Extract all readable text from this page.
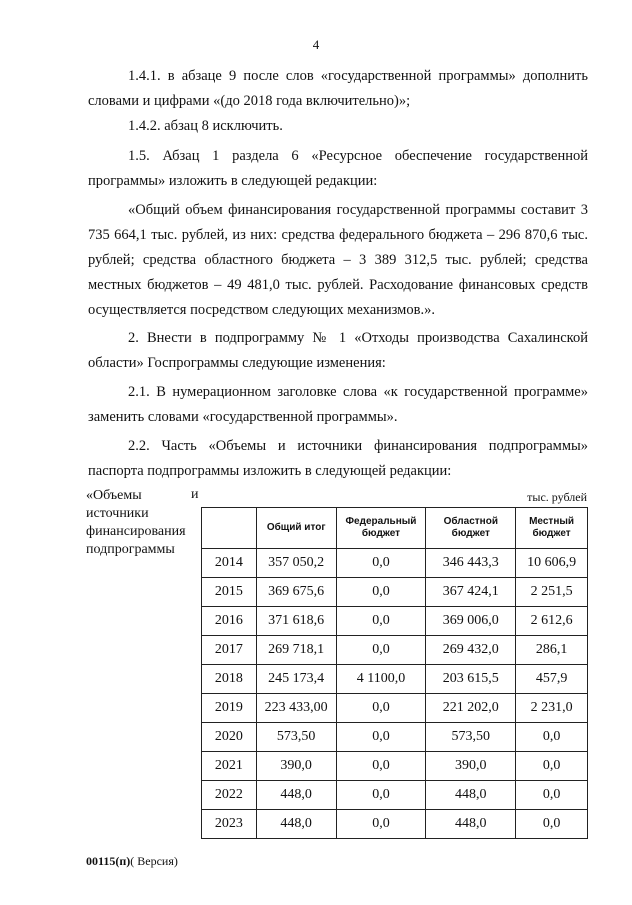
4

1.4.1. в абзаце 9 после слов «государственной программы» дополнить словами и цифрами «(до 2018 года включительно)»;

1.4.2. абзац 8 исключить.

1.5. Абзац 1 раздела 6 «Ресурсное обеспечение государственной программы» изложить в следующей редакции:

«Общий объем финансирования государственной программы составит 3 735 664,1 тыс. рублей, из них: средства федерального бюджета – 296 870,6 тыс. рублей; средства областного бюджета – 3 389 312,5 тыс. рублей; средства местных бюджетов – 49 481,0 тыс. рублей. Расходование финансовых средств осуществляется посредством следующих механизмов.».

2. Внести в подпрограмму № 1 «Отходы производства Сахалинской области» Госпрограммы следующие изменения:

2.1. В нумерационном заголовке слова «к государственной программе» заменить словами «государственной программы».

2.2. Часть «Объемы и источники финансирования подпрограммы» паспорта подпрограммы изложить в следующей редакции:

«Объемы источники финансирования подпрограммы
и	тыс. рублей
	Общий итог	Федеральный бюджет	Областной бюджет	Местный бюджет
2014	357 050,2	0,0	346 443,3	10 606,9
2015	369 675,6	0,0	367 424,1	2 251,5
2016	371 618,6	0,0	369 006,0	2 612,6
2017	269 718,1	0,0	269 432,0	286,1
2018	245 173,4	4 1100,0	203 615,5	457,9
2019	223 433,00	0,0	221 202,0	2 231,0
2020	573,50	0,0	573,50	0,0
2021	390,0	0,0	390,0	0,0
2022	448,0	0,0	448,0	0,0
2023	448,0	0,0	448,0	0,0
00115(п)( Версия)
